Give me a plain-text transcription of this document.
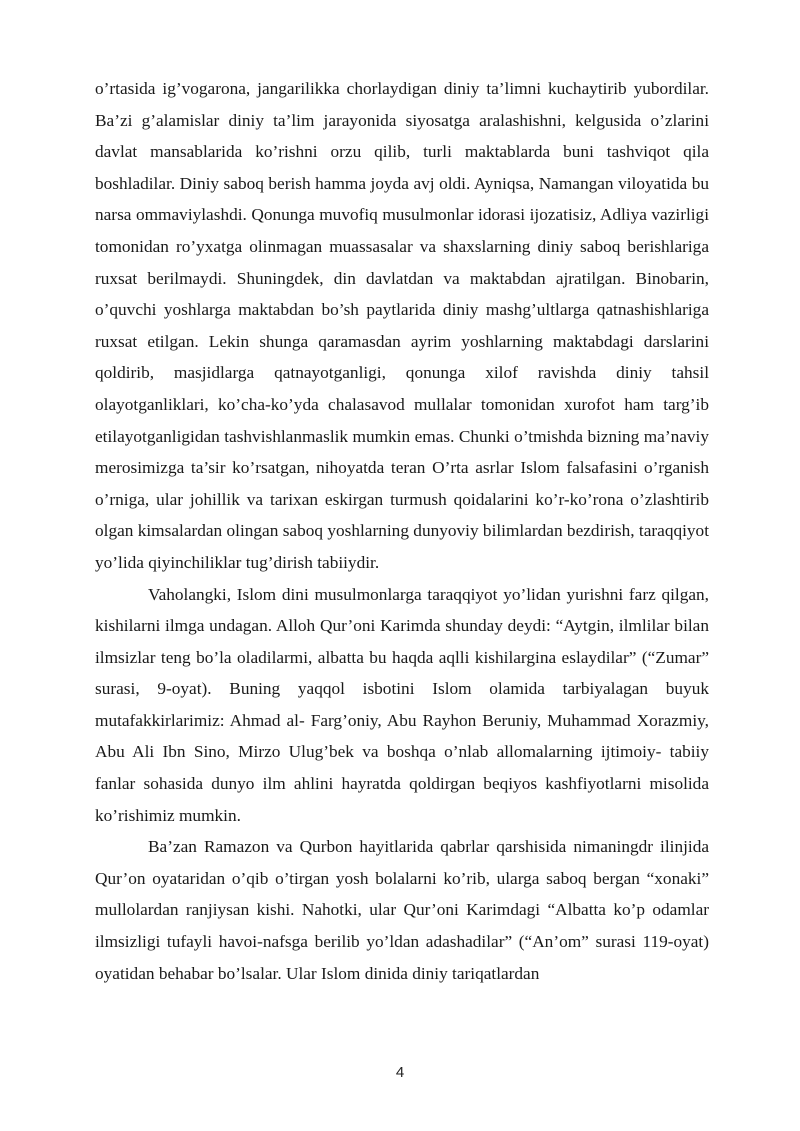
o’rtasida ig’vogarona, jangarilikka chorlaydigan diniy ta’limni kuchaytirib yubordilar. Ba’zi g’alamislar diniy ta’lim jarayonida siyosatga aralashishni, kelgusida o’zlarini davlat mansablarida ko’rishni orzu qilib, turli maktablarda buni tashviqot qila boshladilar. Diniy saboq berish hamma joyda avj oldi. Ayniqsa, Namangan viloyatida bu narsa ommaviylashdi. Qonunga muvofiq musulmonlar idorasi ijozatisiz, Adliya vazirligi tomonidan ro’yxatga olinmagan muassasalar va shaxslarning diniy saboq berishlariga ruxsat berilmaydi. Shuningdek, din davlatdan va maktabdan ajratilgan. Binobarin, o’quvchi yoshlarga maktabdan bo’sh paytlarida diniy mashg’ultlarga qatnashishlariga ruxsat etilgan. Lekin shunga qaramasdan ayrim yoshlarning maktabdagi darslarini qoldirib, masjidlarga qatnayotganligi, qonunga xilof ravishda diniy tahsil olayotganliklari, ko’cha-ko’yda chalasavod mullalar tomonidan xurofot ham targ’ib etilayotganligidan tashvishlanmaslik mumkin emas. Chunki o’tmishda bizning ma’naviy merosimizga ta’sir ko’rsatgan, nihoyatda teran O’rta asrlar Islom falsafasini o’rganish o’rniga, ular johillik va tarixan eskirgan turmush qoidalarini ko’r-ko’rona o’zlashtirib olgan kimsalardan olingan saboq yoshlarning dunyoviy bilimlardan bezdirish, taraqqiyot yo’lida qiyinchiliklar tug’dirish tabiiydir.

Vaholangki, Islom dini musulmonlarga taraqqiyot yo’lidan yurishni farz qilgan, kishilarni ilmga undagan. Alloh Qur’oni Karimda shunday deydi: “Aytgin, ilmlilar bilan ilmsizlar teng bo’la oladilarmi, albatta bu haqda aqlli kishilargina eslaydilar” (“Zumar” surasi, 9-oyat). Buning yaqqol isbotini Islom olamida tarbiyalagan buyuk mutafakkirlarimiz: Ahmad al- Farg’oniy, Abu Rayhon Beruniy, Muhammad Xorazmiy, Abu Ali Ibn Sino, Mirzo Ulug’bek va boshqa o’nlab allomalarning ijtimoiy- tabiiy fanlar sohasida dunyo ilm ahlini hayratda qoldirgan beqiyos kashfiyotlarni misolida ko’rishimiz mumkin.

Ba’zan Ramazon va Qurbon hayitlarida qabrlar qarshisida nimaningdr ilinjida Qur’on oyataridan o’qib o’tirgan yosh bolalarni ko’rib, ularga saboq bergan “xonaki” mullolardan ranjiysan kishi. Nahotki, ular Qur’oni Karimdagi “Albatta ko’p odamlar ilmsizligi tufayli havoi-nafsga berilib yo’ldan adashadilar” (“An’om” surasi 119-oyat) oyatidan behabar bo’lsalar. Ular Islom dinida diniy tariqatlardan

4
